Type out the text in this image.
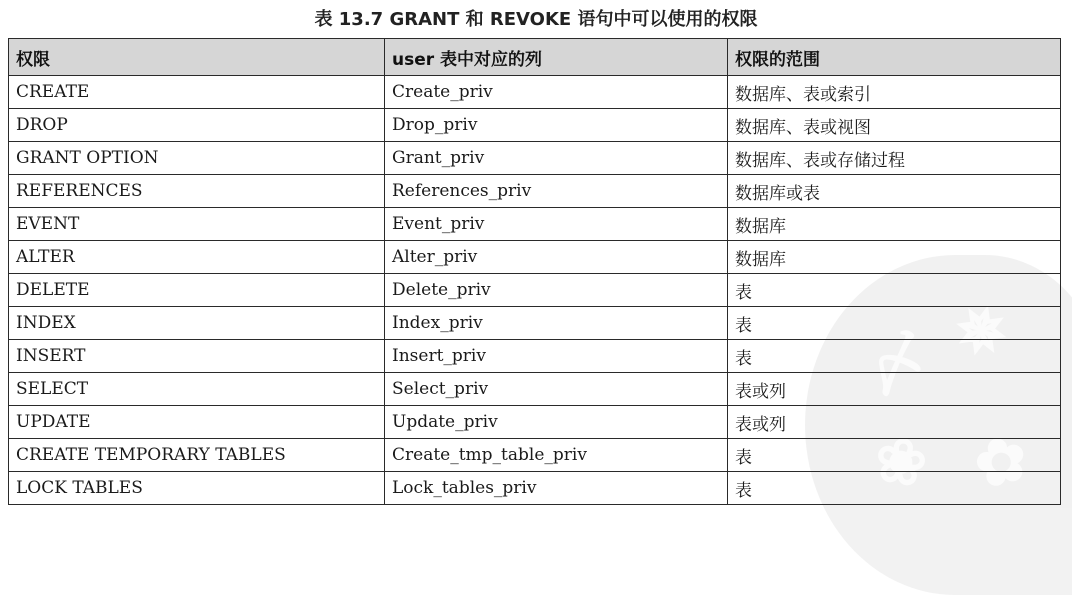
表 13.7 GRANT 和 REVOKE 语句中可以使用的权限
〆 ✵
❀ ✿
权限	user 表中对应的列	权限的范围
CREATE	Create_priv	数据库、表或索引
DROP	Drop_priv	数据库、表或视图
GRANT OPTION	Grant_priv	数据库、表或存储过程
REFERENCES	References_priv	数据库或表
EVENT	Event_priv	数据库
ALTER	Alter_priv	数据库
DELETE	Delete_priv	表
INDEX	Index_priv	表
INSERT	Insert_priv	表
SELECT	Select_priv	表或列
UPDATE	Update_priv	表或列
CREATE TEMPORARY TABLES	Create_tmp_table_priv	表
LOCK TABLES	Lock_tables_priv	表
